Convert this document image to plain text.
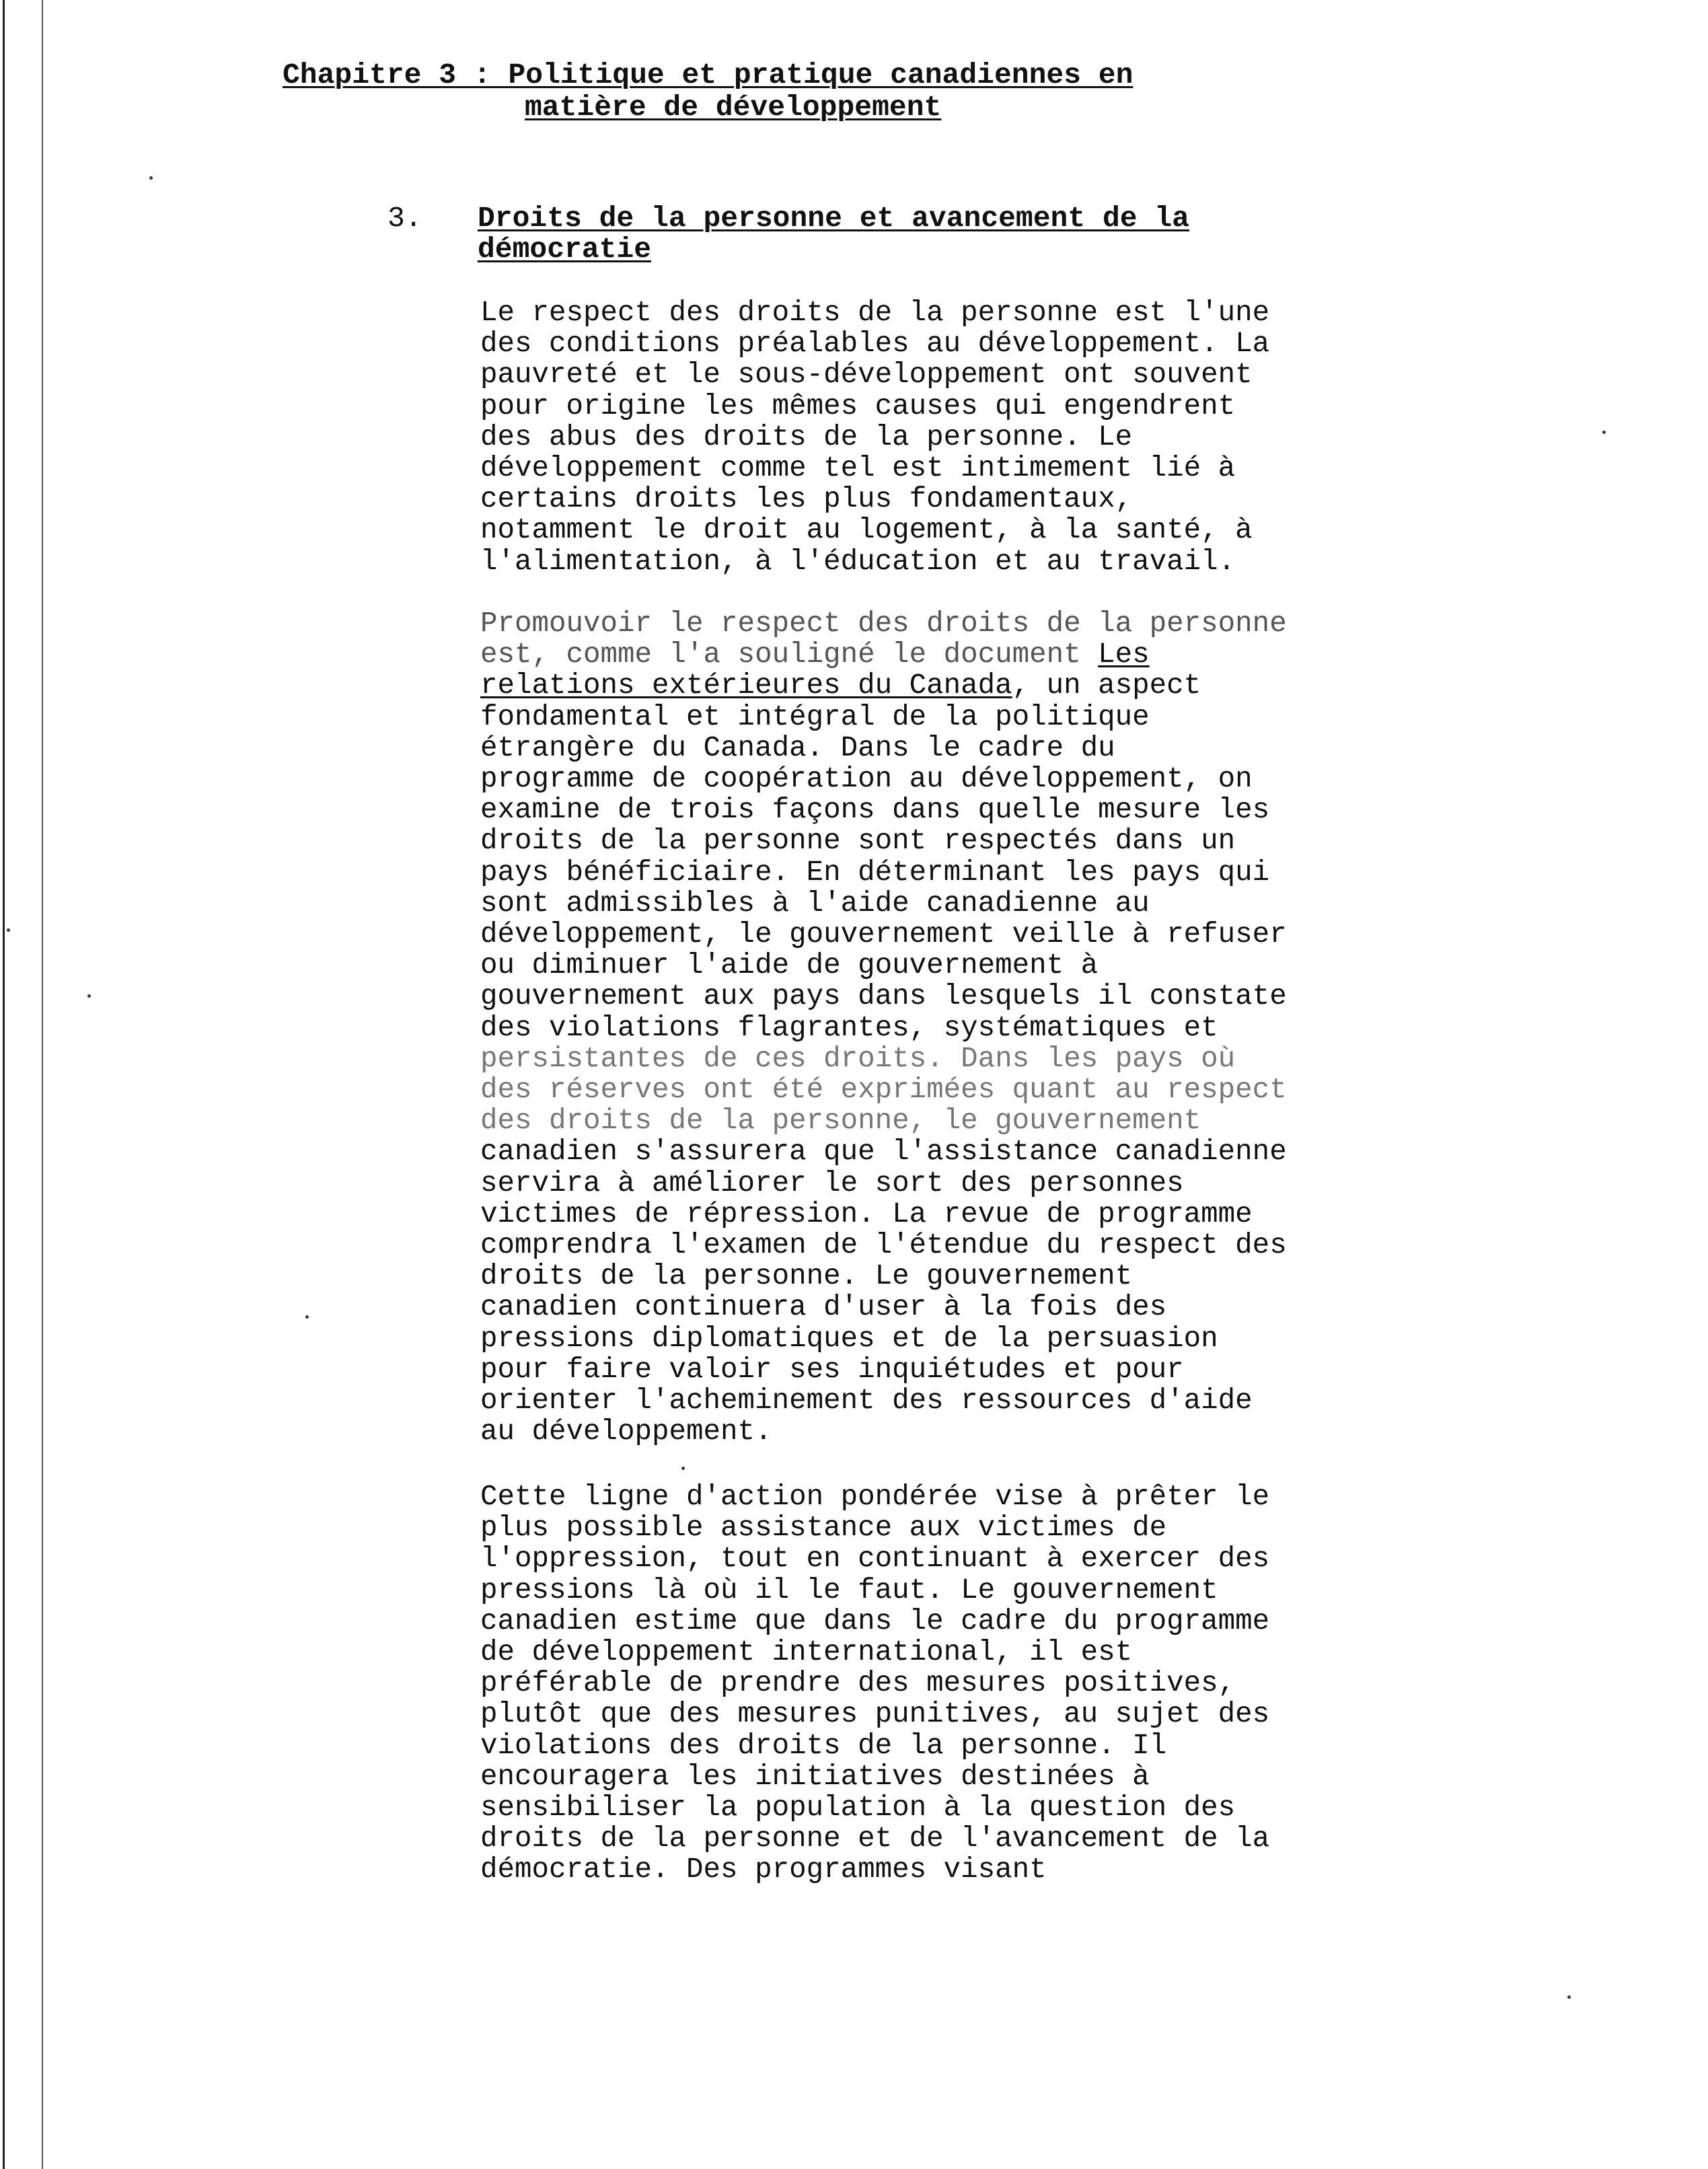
Chapitre 3 : Politique et pratique canadiennes en
matière de développement
3. Droits de la personne et avancement de la
démocratie

Le respect des droits de la personne est l'une
des conditions préalables au développement. La
pauvreté et le sous-développement ont souvent
pour origine les mêmes causes qui engendrent
des abus des droits de la personne. Le
développement comme tel est intimement lié à
certains droits les plus fondamentaux,
notamment le droit au logement, à la santé, à
l'alimentation, à l'éducation et au travail.

Promouvoir le respect des droits de la personne
est, comme l'a souligné le document Les
relations extérieures du Canada, un aspect
fondamental et intégral de la politique
étrangère du Canada. Dans le cadre du
programme de coopération au développement, on
examine de trois façons dans quelle mesure les
droits de la personne sont respectés dans un
pays bénéficiaire. En déterminant les pays qui
sont admissibles à l'aide canadienne au
développement, le gouvernement veille à refuser
ou diminuer l'aide de gouvernement à
gouvernement aux pays dans lesquels il constate
des violations flagrantes, systématiques et
persistantes de ces droits. Dans les pays où
des réserves ont été exprimées quant au respect
des droits de la personne, le gouvernement
canadien s'assurera que l'assistance canadienne
servira à améliorer le sort des personnes
victimes de répression. La revue de programme
comprendra l'examen de l'étendue du respect des
droits de la personne. Le gouvernement
canadien continuera d'user à la fois des
pressions diplomatiques et de la persuasion
pour faire valoir ses inquiétudes et pour
orienter l'acheminement des ressources d'aide
au développement.

Cette ligne d'action pondérée vise à prêter le
plus possible assistance aux victimes de
l'oppression, tout en continuant à exercer des
pressions là où il le faut. Le gouvernement
canadien estime que dans le cadre du programme
de développement international, il est
préférable de prendre des mesures positives,
plutôt que des mesures punitives, au sujet des
violations des droits de la personne. Il
encouragera les initiatives destinées à
sensibiliser la population à la question des
droits de la personne et de l'avancement de la
démocratie. Des programmes visant
